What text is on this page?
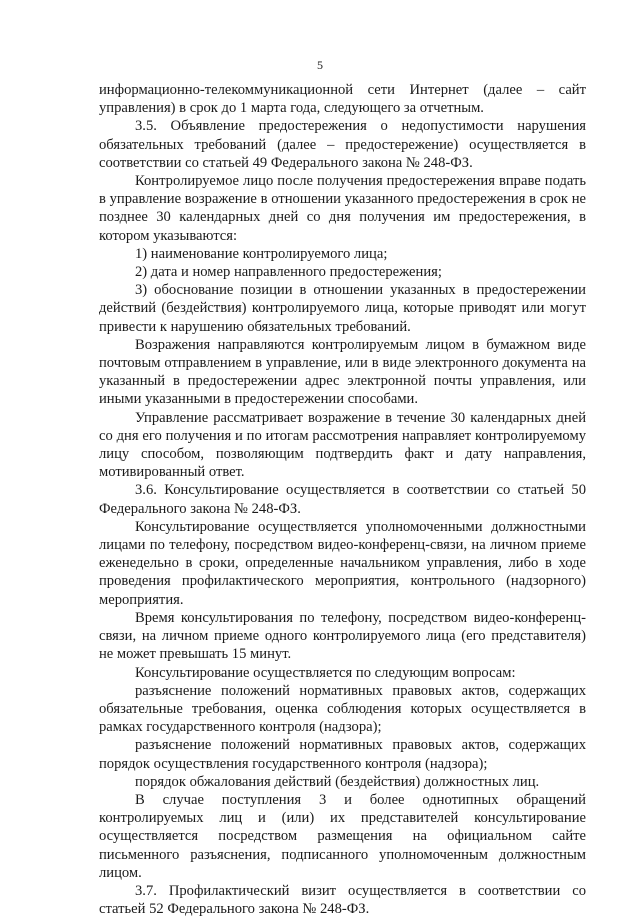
5

информационно-телекоммуникационной сети Интернет (далее – сайт управления) в срок до 1 марта года, следующего за отчетным.

3.5. Объявление предостережения о недопустимости нарушения обязательных требований (далее – предостережение) осуществляется в соответствии со статьей 49 Федерального закона № 248-ФЗ.

Контролируемое лицо после получения предостережения вправе подать в управление возражение в отношении указанного предостережения в срок не позднее 30 календарных дней со дня получения им предостережения, в котором указываются:

1) наименование контролируемого лица;

2) дата и номер направленного предостережения;

3) обоснование позиции в отношении указанных в предостережении действий (бездействия) контролируемого лица, которые приводят или могут привести к нарушению обязательных требований.

Возражения направляются контролируемым лицом в бумажном виде почтовым отправлением в управление, или в виде электронного документа на указанный в предостережении адрес электронной почты управления, или иными указанными в предостережении способами.

Управление рассматривает возражение в течение 30 календарных дней со дня его получения и по итогам рассмотрения направляет контролируемому лицу способом, позволяющим подтвердить факт и дату направления, мотивированный ответ.

3.6. Консультирование осуществляется в соответствии со статьей 50 Федерального закона № 248-ФЗ.

Консультирование осуществляется уполномоченными должностными лицами по телефону, посредством видео-конференц-связи, на личном приеме еженедельно в сроки, определенные начальником управления, либо в ходе проведения профилактического мероприятия, контрольного (надзорного) мероприятия.

Время консультирования по телефону, посредством видео-конференц-связи, на личном приеме одного контролируемого лица (его представителя) не может превышать 15 минут.

Консультирование осуществляется по следующим вопросам:

разъяснение положений нормативных правовых актов, содержащих обязательные требования, оценка соблюдения которых осуществляется в рамках государственного контроля (надзора);

разъяснение положений нормативных правовых актов, содержащих порядок осуществления государственного контроля (надзора);

порядок обжалования действий (бездействия) должностных лиц.

В случае поступления 3 и более однотипных обращений контролируемых лиц и (или) их представителей консультирование осуществляется посредством размещения на официальном сайте письменного разъяснения, подписанного уполномоченным должностным лицом.

3.7. Профилактический визит осуществляется в соответствии со статьей 52 Федерального закона № 248-ФЗ.
